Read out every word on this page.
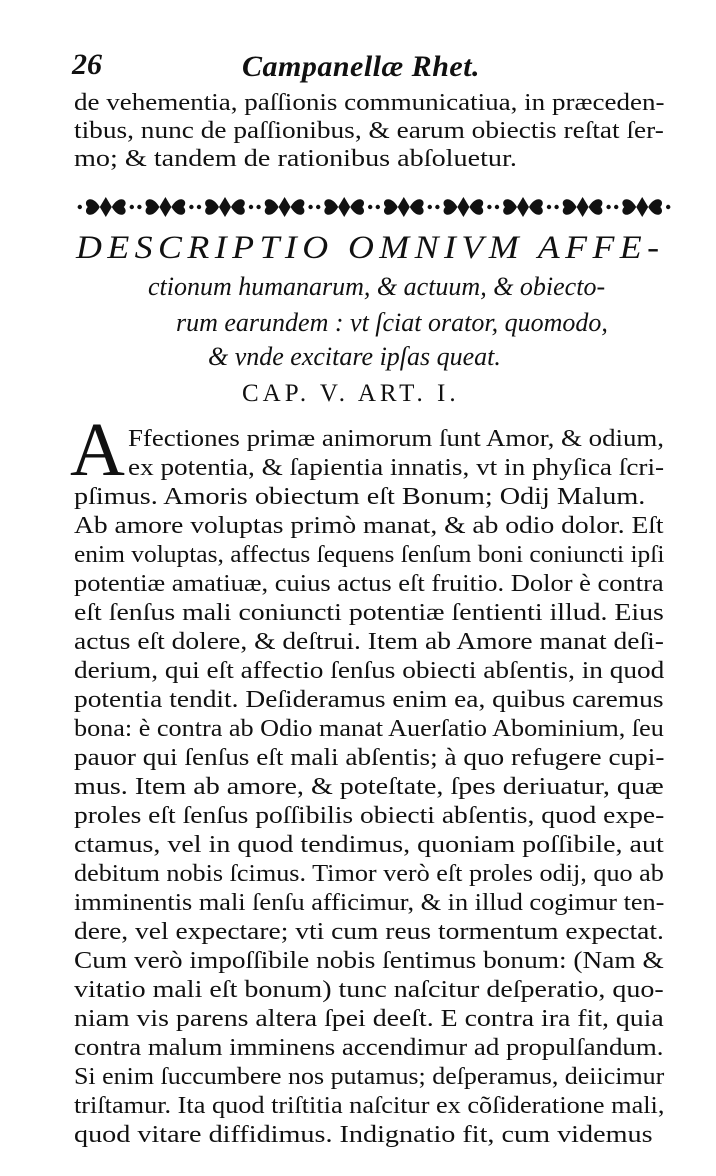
26	Campanellæ Rhet.
de vehementia, paſſionis communicatiua, in præceden-
tibus, nunc de paſſionibus, & earum obiectis reſtat ſer-
mo; & tandem de rationibus abſoluetur.
DESCRIPTIO OMNIVM AFFE-
ctionum humanarum, & actuum, & obiecto-
rum earundem : vt ſciat orator, quomodo,
& vnde excitare ipſas queat.
CAP. V. ART. I.
A Ffectiones primæ animorum ſunt Amor, & odium,
ex potentia, & ſapientia innatis, vt in phyſica ſcri-
pſimus. Amoris obiectum eſt Bonum; Odij Malum.
Ab amore voluptas primò manat, & ab odio dolor. Eſt
enim voluptas, affectus ſequens ſenſum boni coniuncti ipſi
potentiæ amatiuæ, cuius actus eſt fruitio. Dolor è contra
eſt ſenſus mali coniuncti potentiæ ſentienti illud. Eius
actus eſt dolere, & deſtrui. Item ab Amore manat deſi-
derium, qui eſt affectio ſenſus obiecti abſentis, in quod
potentia tendit. Deſideramus enim ea, quibus caremus
bona: è contra ab Odio manat Auerſatio Abominium, ſeu
pauor qui ſenſus eſt mali abſentis; à quo refugere cupi-
mus. Item ab amore, & poteſtate, ſpes deriuatur, quæ
proles eſt ſenſus poſſibilis obiecti abſentis, quod expe-
ctamus, vel in quod tendimus, quoniam poſſibile, aut
debitum nobis ſcimus. Timor verò eſt proles odij, quo ab
imminentis mali ſenſu afficimur, & in illud cogimur ten-
dere, vel expectare; vti cum reus tormentum expectat.
Cum verò impoſſibile nobis ſentimus bonum: (Nam &
vitatio mali eſt bonum) tunc naſcitur deſperatio, quo-
niam vis parens altera ſpei deeſt. E contra ira fit, quia
contra malum imminens accendimur ad propulſandum.
Si enim ſuccumbere nos putamus; deſperamus, deiicimur
triſtamur. Ita quod triſtitia naſcitur ex cõſideratione mali,
quod vitare diffidimus. Indignatio fit, cum videmus
